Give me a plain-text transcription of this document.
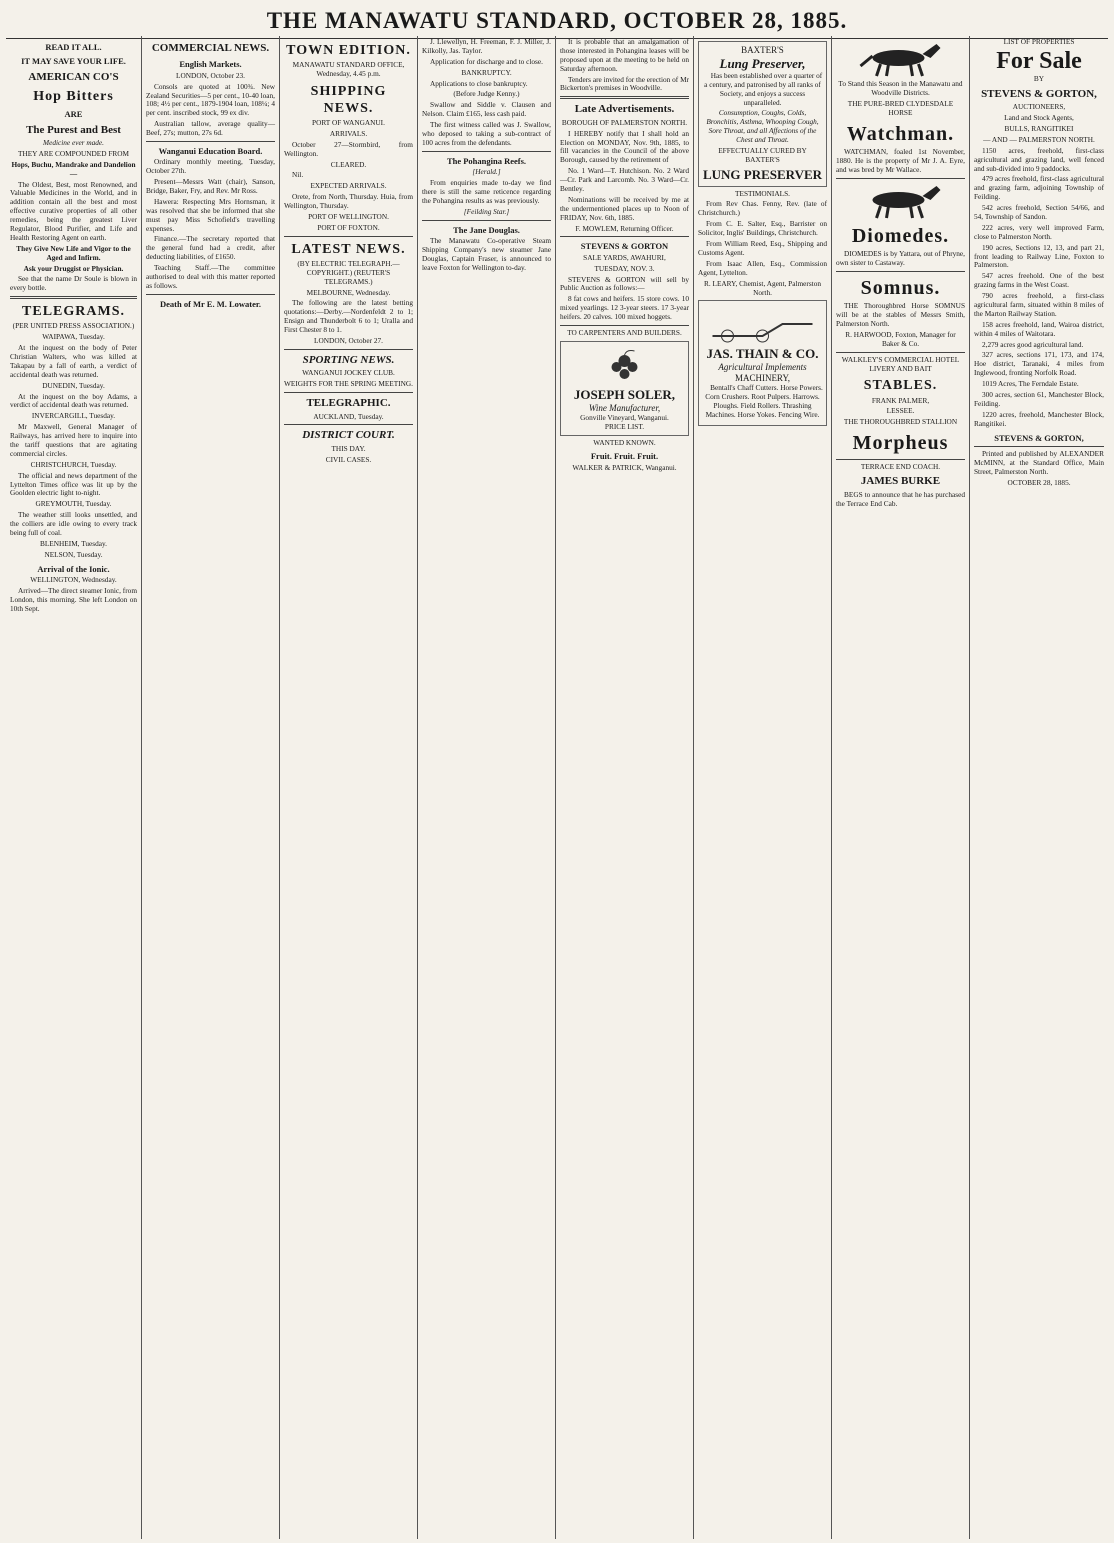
THE MANAWATU STANDARD, OCTOBER 28, 1885.
READ IT ALL.
IT MAY SAVE YOUR LIFE.
AMERICAN CO'S
Hop Bitters
ARE
The Purest and Best

Medicine ever made.

THEY ARE COMPOUNDED FROM

Hops, Buchu, Mandrake and Dandelion—

The Oldest, Best, most Renowned, and Valuable Medicines in the World, and in addition contain all the best and most effective curative properties of all other remedies, being the greatest Liver Regulator, Blood Purifier, and Life and Health Restoring Agent on earth.

They Give New Life and Vigor to the Aged and Infirm.

Ask your Druggist or Physician.

See that the name Dr Soule is blown in every bottle.

TELEGRAMS.

(PER UNITED PRESS ASSOCIATION.)

WAIPAWA, Tuesday.

At the inquest on the body of Peter Christian Walters, who was killed at Takapau by a fall of earth, a verdict of accidental death was returned.

DUNEDIN, Tuesday.

At the inquest on the boy Adams, a verdict of accidental death was returned.

INVERCARGILL, Tuesday.

Mr Maxwell, General Manager of Railways, has arrived here to inquire into the tariff questions that are agitating commercial circles.

CHRISTCHURCH, Tuesday.

The official and news department of the Lyttelton Times office was lit up by the Goolden electric light to-night.

GREYMOUTH, Tuesday.

The weather still looks unsettled, and the colliers are idle owing to every track being full of coal.

BLENHEIM, Tuesday.

NELSON, Tuesday.

Arrival of the Ionic.

WELLINGTON, Wednesday.

Arrived—The direct steamer Ionic, from London, this morning. She left London on 10th Sept.

COMMERCIAL NEWS.
English Markets.

LONDON, October 23.

Consols are quoted at 100¾. New Zealand Securities—5 per cent., 10-40 loan, 108; 4½ per cent., 1879-1904 loan, 108¼; 4 per cent. inscribed stock, 99 ex div.

Australian tallow, average quality—Beef, 27s; mutton, 27s 6d.

Wanganui Education Board.

Ordinary monthly meeting, Tuesday, October 27th.

Present—Messrs Watt (chair), Sanson, Bridge, Baker, Fry, and Rev. Mr Ross.

Hawera: Respecting Mrs Hornsman, it was resolved that she be informed that she must pay Miss Schofield's travelling expenses.

Finance.—The secretary reported that the general fund had a credit, after deducting liabilities, of £1650.

Teaching Staff.—The committee authorised to deal with this matter reported as follows.

Death of Mr E. M. Lowater.
TOWN EDITION.

MANAWATU STANDARD OFFICE, Wednesday, 4.45 p.m.

SHIPPING NEWS.

PORT OF WANGANUI.

ARRIVALS.

October 27—Stormbird, from Wellington.

CLEARED.

Nil.

EXPECTED ARRIVALS.

Orete, from North, Thursday. Huia, from Wellington, Thursday.

PORT OF WELLINGTON.

PORT OF FOXTON.

LATEST NEWS.

(BY ELECTRIC TELEGRAPH.—COPYRIGHT.) (REUTER'S TELEGRAMS.)

MELBOURNE, Wednesday.

The following are the latest betting quotations:—Derby.—Nordenfeldt 2 to 1; Ensign and Thunderbolt 6 to 1; Uralla and First Chester 8 to 1.

LONDON, October 27.

SPORTING NEWS.

WANGANUI JOCKEY CLUB.

WEIGHTS FOR THE SPRING MEETING.

TELEGRAPHIC.

AUCKLAND, Tuesday.

DISTRICT COURT.

THIS DAY.

CIVIL CASES.

J. Llewellyn, H. Freeman, F. J. Miller, J. Kilkolly, Jas. Taylor.

Application for discharge and to close.

BANKRUPTCY.

Applications to close bankruptcy.

(Before Judge Kenny.)

Swallow and Siddle v. Clausen and Nelson. Claim £165, less cash paid.

The first witness called was J. Swallow, who deposed to taking a sub-contract of 100 acres from the defendants.

The Pohangina Reefs.

[Herald.]

From enquiries made to-day we find there is still the same reticence regarding the Pohangina results as was previously.

[Feilding Star.]

The Jane Douglas.

The Manawatu Co-operative Steam Shipping Company's new steamer Jane Douglas, Captain Fraser, is announced to leave Foxton for Wellington to-day.

It is probable that an amalgamation of those interested in Pohangina leases will be proposed upon at the meeting to be held on Saturday afternoon.

Tenders are invited for the erection of Mr Bickerton's premises in Woodville.

Late Advertisements.

BOROUGH OF PALMERSTON NORTH.

I HEREBY notify that I shall hold an Election on MONDAY, Nov. 9th, 1885, to fill vacancies in the Council of the above Borough, caused by the retirement of

No. 1 Ward—T. Hutchison. No. 2 Ward—Cr. Park and Larcomb. No. 3 Ward—Cr. Bentley.

Nominations will be received by me at the undermentioned places up to Noon of FRIDAY, Nov. 6th, 1885.

F. MOWLEM, Returning Officer.

STEVENS & GORTON

SALE YARDS, AWAHURI,

TUESDAY, NOV. 3.

STEVENS & GORTON will sell by Public Auction as follows:—

8 fat cows and heifers. 15 store cows. 10 mixed yearlings. 12 3-year steers. 17 3-year heifers. 20 calves. 100 mixed hoggets.

TO CARPENTERS AND BUILDERS.

JOSEPH SOLER,
Wine Manufacturer,
Gonville Vineyard, Wanganui.
PRICE LIST.

WANTED KNOWN.

Fruit. Fruit. Fruit.

WALKER & PATRICK, Wanganui.

BAXTER'S
Lung Preserver,

Has been established over a quarter of a century, and patronised by all ranks of Society, and enjoys a success unparalleled.

Consumption, Coughs, Colds, Bronchitis, Asthma, Whooping Cough, Sore Throat, and all Affections of the Chest and Throat.

EFFECTUALLY CURED BY BAXTER'S

LUNG PRESERVER

TESTIMONIALS.

From Rev Chas. Fenny, Rev. (late of Christchurch.)

From C. E. Salter, Esq., Barrister on Solicitor, Inglis' Buildings, Christchurch.

From William Reed, Esq., Shipping and Customs Agent.

From Isaac Allen, Esq., Commission Agent, Lyttelton.

R. LEARY, Chemist, Agent, Palmerston North.

JAS. THAIN & CO.
Agricultural Implements
MACHINERY,

Bentall's Chaff Cutters. Horse Powers. Corn Crushers. Root Pulpers. Harrows. Ploughs. Field Rollers. Thrashing Machines. Horse Yokes. Fencing Wire.

To Stand this Season in the Manawatu and Woodville Districts.

THE PURE-BRED CLYDESDALE HORSE

Watchman.

WATCHMAN, foaled 1st November, 1880. He is the property of Mr J. A. Eyre, and was bred by Mr Wallace.

Diomedes.

DIOMEDES is by Yattara, out of Phryne, own sister to Castaway.

Somnus.

THE Thoroughbred Horse SOMNUS will be at the stables of Messrs Smith, Palmerston North.

R. HARWOOD, Foxton, Manager for Baker & Co.

WALKLEY'S COMMERCIAL HOTEL LIVERY AND BAIT

STABLES.

FRANK PALMER,

LESSEE.

THE THOROUGHBRED STALLION

Morpheus

TERRACE END COACH.

JAMES BURKE

BEGS to announce that he has purchased the Terrace End Cab.

LIST OF PROPERTIES

For Sale

BY

STEVENS & GORTON,

AUCTIONEERS,

Land and Stock Agents,

BULLS, RANGITIKEI

— AND — PALMERSTON NORTH.

1150 acres, freehold, first-class agricultural and grazing land, well fenced and sub-divided into 9 paddocks.

479 acres freehold, first-class agricultural and grazing farm, adjoining Township of Feilding.

542 acres freehold, Section 54/66, and 54, Township of Sandon.

222 acres, very well improved Farm, close to Palmerston North.

190 acres, Sections 12, 13, and part 21, front leading to Railway Line, Foxton to Palmerston.

547 acres freehold. One of the best grazing farms in the West Coast.

790 acres freehold, a first-class agricultural farm, situated within 8 miles of the Marton Railway Station.

158 acres freehold, land, Wairoa district, within 4 miles of Waitotara.

2,279 acres good agricultural land.

327 acres, sections 171, 173, and 174, Hoe district, Taranaki, 4 miles from Inglewood, fronting Norfolk Road.

1019 Acres, The Ferndale Estate.

300 acres, section 61, Manchester Block, Feilding.

1220 acres, freehold, Manchester Block, Rangitikei.

STEVENS & GORTON,

Printed and published by ALEXANDER McMINN, at the Standard Office, Main Street, Palmerston North.

OCTOBER 28, 1885.
